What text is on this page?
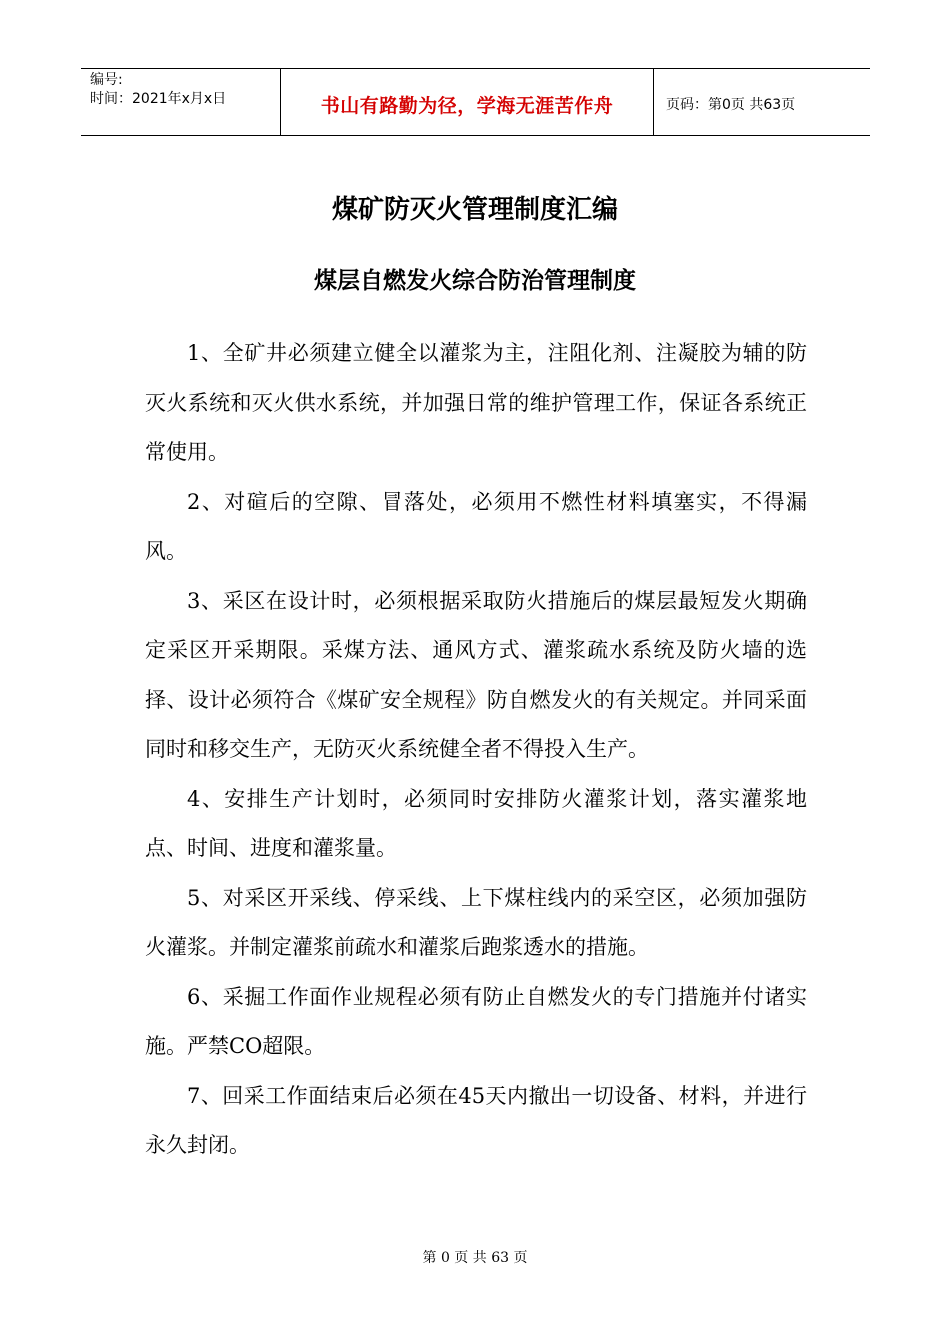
编号:
时间：2021年x月x日	书山有路勤为径，学海无涯苦作舟	页码：第0页 共63页
煤矿防灭火管理制度汇编
煤层自燃发火综合防治管理制度

1、全矿井必须建立健全以灌浆为主，注阻化剂、注凝胶为辅的防灭火系统和灭火供水系统，并加强日常的维护管理工作，保证各系统正常使用。

2、对碹后的空隙、冒落处，必须用不燃性材料填塞实，不得漏风。

3、采区在设计时，必须根据采取防火措施后的煤层最短发火期确定采区开采期限。采煤方法、通风方式、灌浆疏水系统及防火墙的选择、设计必须符合《煤矿安全规程》防自燃发火的有关规定。并同采面同时和移交生产，无防灭火系统健全者不得投入生产。

4、安排生产计划时，必须同时安排防火灌浆计划，落实灌浆地点、时间、进度和灌浆量。

5、对采区开采线、停采线、上下煤柱线内的采空区，必须加强防火灌浆。并制定灌浆前疏水和灌浆后跑浆透水的措施。

6、采掘工作面作业规程必须有防止自燃发火的专门措施并付诸实施。严禁CO超限。

7、回采工作面结束后必须在45天内撤出一切设备、材料，并进行永久封闭。

第 0 页 共 63 页
